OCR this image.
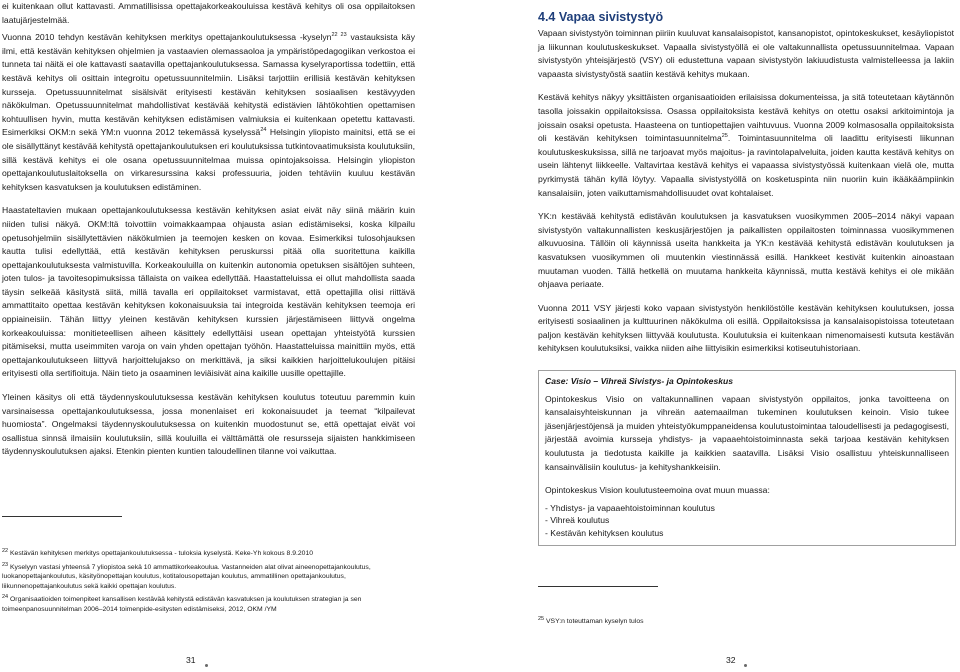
ei kuitenkaan ollut kattavasti. Ammatillisissa opettajakorkeakouluissa kestävä kehitys oli osa oppilaitoksen laatujärjestelmää.

Vuonna 2010 tehdyn kestävän kehityksen merkitys opettajankoulutuksessa -kyselyn$^{22 23}$ vastauksista käy ilmi, että kestävän kehityksen ohjelmien ja vastaavien olemassaoloa ja ympäristöpedagogiikan verkostoa ei tunneta tai näitä ei ole kattavasti saatavilla opettajankoulutuksessa. Samassa kyselyraportissa todettiin, että kestävä kehitys oli osittain integroitu opetussuunnitelmiin. Lisäksi tarjottiin erillisiä kestävän kehityksen kursseja. Opetussuunnitelmat sisälsivät erityisesti kestävän kehityksen sosiaalisen kestävyyden näkökulman. Opetussuunnitelmat mahdollistivat kestävää kehitystä edistävien lähtökohtien opettamisen kohtuullisen hyvin, mutta kestävän kehityksen edistämisen valmiuksia ei kuitenkaan opetettu kattavasti. Esimerkiksi OKM:n sekä YM:n vuonna 2012 tekemässä kyselyssä$^{24}$ Helsingin yliopisto mainitsi, että se ei ole sisällyttänyt kestävää kehitystä opettajankoulutuksen eri koulutuksissa tutkintovaatimuksista koulutuksiin, sillä kestävä kehitys ei ole osana opetussuunnitelmaa muissa opintojaksoissa. Helsingin yliopiston opettajankoulutuslaitoksella on virkaresurssina kaksi professuuria, joiden tehtäviin kuuluu kestävän kehityksen kasvatuksen ja koulutuksen edistäminen.

Haastateltavien mukaan opettajankoulutuksessa kestävän kehityksen asiat eivät näy siinä määrin kuin niiden tulisi näkyä. OKM:ltä toivottiin voimakkaampaa ohjausta asian edistämiseksi, koska kilpailu opetusohjelmiin sisällytettävien näkökulmien ja teemojen kesken on kovaa. Esimerkiksi tulosohjauksen kautta tulisi edellyttää, että kestävän kehityksen peruskurssi pitää olla suoritettuna kaikilla opettajankoulutuksesta valmistuvilla. Korkeakouluilla on kuitenkin autonomia opetuksen sisältöjen suhteen, joten tulos- ja tavoitesopimuksissa tällaista on vaikea edellyttää. Haastatteluissa ei ollut mahdollista saada täysin selkeää käsitystä siitä, millä tavalla eri oppilaitokset varmistavat, että opettajilla olisi riittävä ammattitaito opettaa kestävän kehityksen kokonaisuuksia tai integroida kestävän kehityksen teemoja eri oppiaineisiin. Tähän liittyy yleinen kestävän kehityksen kurssien järjestämiseen liittyvä ongelma korkeakouluissa: monitieteellisen aiheen käsittely edellyttäisi usean opettajan yhteistyötä kurssien pitämiseksi, mutta useimmiten varoja on vain yhden opettajan työhön. Haastatteluissa mainittiin myös, että opettajankoulutukseen liittyvä harjoittelujakso on merkittävä, ja siksi kaikkien harjoittelukoulujen pitäisi erityisesti olla sertifioituja. Näin tieto ja osaaminen leviäisivät aina kaikille uusille opettajille.

Yleinen käsitys oli että täydennyskoulutuksessa kestävän kehityksen koulutus toteutuu paremmin kuin varsinaisessa opettajankoulutuksessa, jossa monenlaiset eri kokonaisuudet ja teemat “kilpailevat huomiosta”. Ongelmaksi täydennyskoulutuksessa on kuitenkin muodostunut se, että opettajat eivät voi osallistua sinnsä ilmaisiin koulutuksiin, sillä kouluilla ei välttämättä ole resursseja sijaisten hankkimiseen täydennyskoulutuksen ajaksi. Etenkin pienten kuntien taloudellinen tilanne voi vaikuttaa.

$^{22}$ Kestävän kehityksen merkitys opettajankoulutuksessa - tuloksia kyselystä. Keke-Yh kokous 8.9.2010

$^{23}$ Kyselyyn vastasi yhteensä 7 yliopistoa sekä 10 ammattikorkeakoulua. Vastanneiden alat olivat aineenopettajankoulutus, luokanopettajankoulutus, käsityönopettajan koulutus, kotitalousopettajan koulutus, ammatillinen opettajankoulutus, liikunnenopettajankoulutus sekä kaikki opettajan koulutus.

$^{24}$ Organisaatioiden toimenpiteet kansallisen kestävää kehitystä edistävän kasvatuksen ja koulutuksen strategian ja sen toimeenpanosuunnitelman 2006–2014 toimenpide-esitysten edistämiseksi, 2012, OKM /YM

31
4.4 Vapaa sivistystyö

Vapaan sivistystyön toiminnan piiriin kuuluvat kansalaisopistot, kansanopistot, opintokeskukset, kesäyliopistot ja liikunnan koulutuskeskukset. Vapaalla sivistystyöllä ei ole valtakunnallista opetussuunnitelmaa. Vapaan sivistystyön yhteisjärjestö (VSY) oli edustettuna vapaan sivistystyön lakiuudistusta valmistelleessa ja lakiin vapaasta sivistystyöstä saatiin kestävä kehitys mukaan.

Kestävä kehitys näkyy yksittäisten organisaatioiden erilaisissa dokumenteissa, ja sitä toteutetaan käytännön tasolla joissakin oppilaitoksissa. Osassa oppilaitoksista kestävä kehitys on otettu osaksi arkitoimintoja ja joissain osaksi opetusta. Haasteena on tuntiopettajien vaihtuvuus. Vuonna 2009 kolmasosalla oppilaitoksista oli kestävän kehityksen toimintasuunnitelma$^{25}$. Toimintasuunnitelma oli laadittu erityisesti liikunnan koulutuskeskuksissa, sillä ne tarjoavat myös majoitus- ja ravintolapalveluita, joiden kautta kestävä kehitys on usein lähtenyt liikkeelle. Valtavirtaa kestävä kehitys ei vapaassa sivistystyössä kuitenkaan vielä ole, mutta pyrkimystä tähän kyllä löytyy. Vapaalla sivistystyöllä on kosketuspinta niin nuoriin kuin ikääkäämpiinkin kansalaisiin, joten vaikuttamismahdollisuudet ovat kohtalaiset.

YK:n kestävää kehitystä edistävän koulutuksen ja kasvatuksen vuosikymmen 2005–2014 näkyi vapaan sivistystyön valtakunnallisten keskusjärjestöjen ja paikallisten oppilaitosten toiminnassa vuosikymmenen alkuvuosina. Tällöin oli käynnissä useita hankkeita ja YK:n kestävää kehitystä edistävän koulutuksen ja kasvatuksen vuosikymmen oli muutenkin viestinnässä esillä. Hankkeet kestivät kuitenkin ainoastaan muutaman vuoden. Tällä hetkellä on muutama hankkeita käynnissä, mutta kestävä kehitys ei ole mikään ohjaava periaate.

Vuonna 2011 VSY järjesti koko vapaan sivistystyön henkilöstölle kestävän kehityksen koulutuksen, jossa erityisesti sosiaalinen ja kulttuurinen näkökulma oli esillä. Oppilaitoksissa ja kansalaisopistoissa toteutetaan paljon kestävän kehityksen liittyvää koulutusta. Koulutuksia ei kuitenkaan nimenomaisesti kutsuta kestävän kehityksen koulutuksiksi, vaikka niiden aihe liittyisikin esimerkiksi kotiseutuhistoriaan.

Case: Visio – Vihreä Sivistys- ja Opintokeskus

Opintokeskus Visio on valtakunnallinen vapaan sivistystyön oppilaitos, jonka tavoitteena on kansalaisyhteiskunnan ja vihreän aatemaailman tukeminen koulutuksen keinoin. Visio tukee jäsenjärjestöjensä ja muiden yhteistyökumppaneidensa koulutustoimintaa taloudellisesti ja pedagogisesti, järjestää avoimia kursseja yhdistys- ja vapaaehtoistoiminnasta sekä tarjoaa kestävän kehityksen koulutusta ja tiedotusta kaikille ja kaikkien saatavilla. Lisäksi Visio osallistuu yhteiskunnalliseen kansainvälisiin koulutus- ja kehityshankkeisiin.

Opintokeskus Vision koulutusteemoina ovat muun muassa:

- Yhdistys- ja vapaaehtoistoiminnan koulutus
- Vihreä koulutus
- Kestävän kehityksen koulutus

$^{25}$ VSY:n toteuttaman kyselyn tulos

32
